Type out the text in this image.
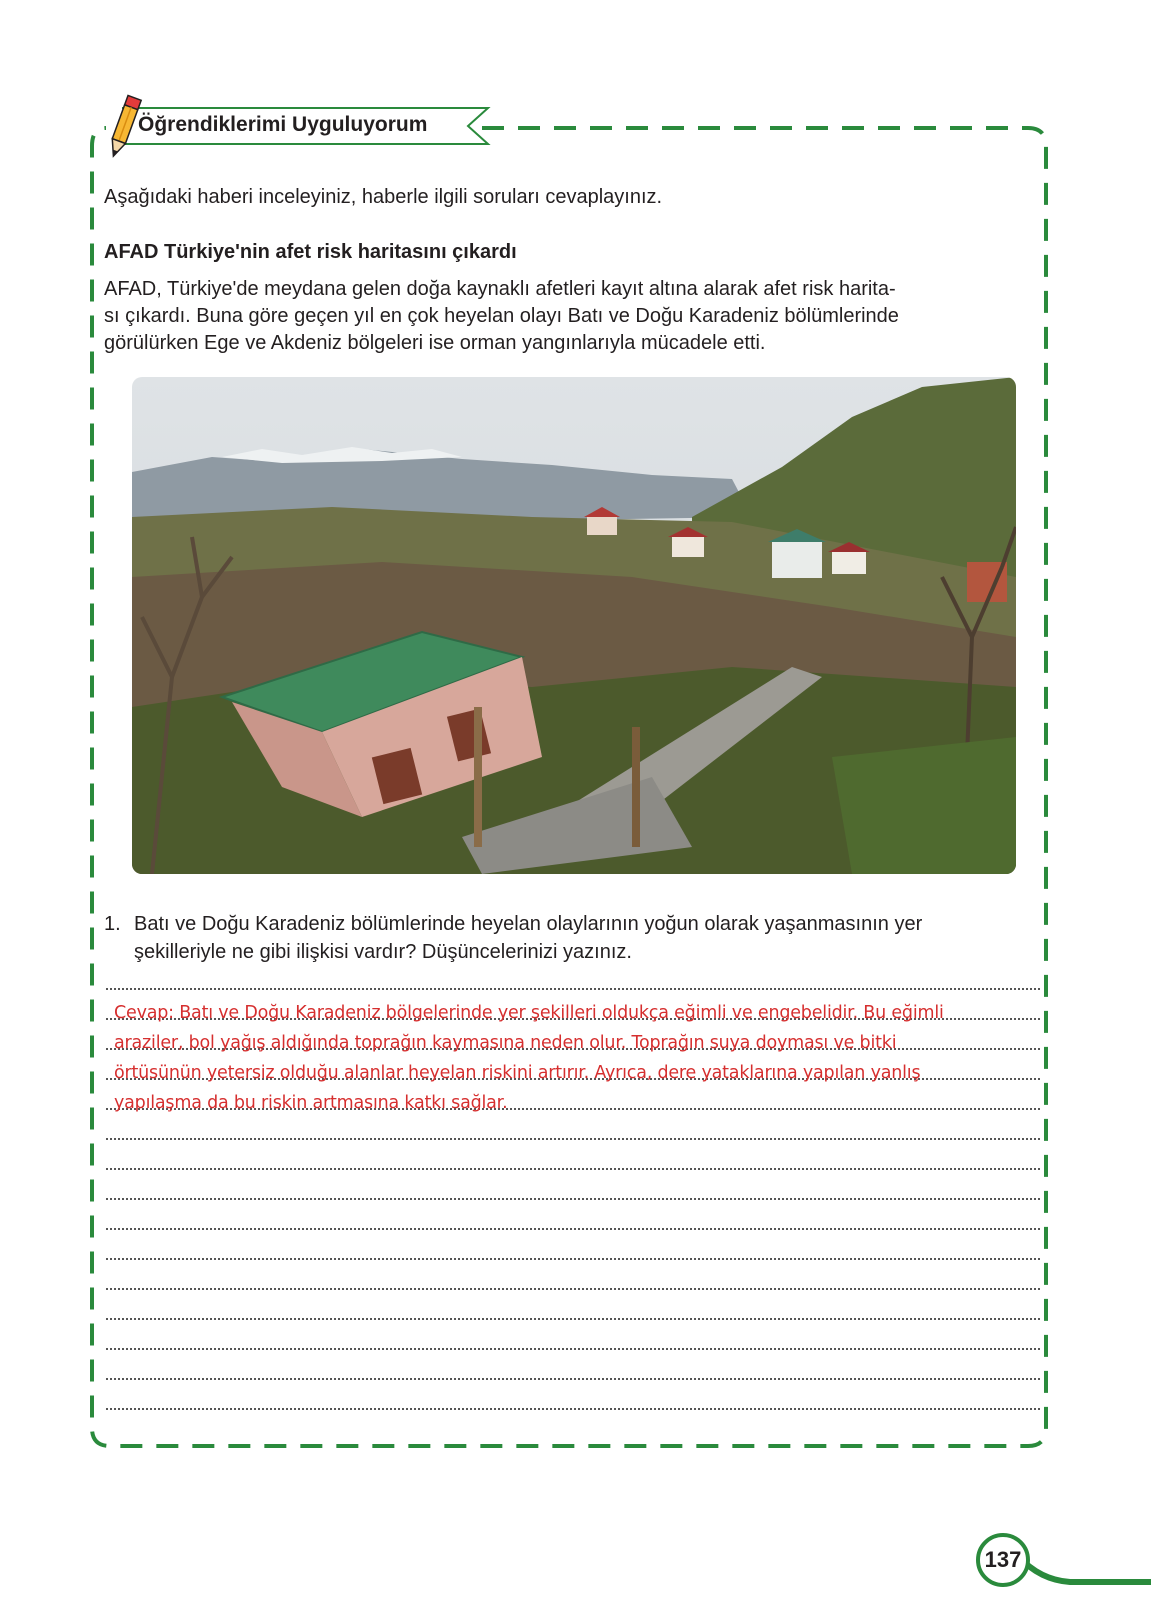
Öğrendiklerimi Uyguluyorum
Aşağıdaki haberi inceleyiniz, haberle ilgili soruları cevaplayınız.
AFAD Türkiye'nin afet risk haritasını çıkardı
AFAD, Türkiye'de meydana gelen doğa kaynaklı afetleri kayıt altına alarak afet risk harita-
sı çıkardı. Buna göre geçen yıl en çok heyelan olayı Batı ve Doğu Karadeniz bölümlerinde
görülürken Ege ve Akdeniz bölgeleri ise orman yangınlarıyla mücadele etti.
1. Batı ve Doğu Karadeniz bölümlerinde heyelan olaylarının yoğun olarak yaşanmasının yer
şekilleriyle ne gibi ilişkisi vardır? Düşüncelerinizi yazınız.
Cevap: Batı ve Doğu Karadeniz bölgelerinde yer şekilleri oldukça eğimli ve engebelidir. Bu eğimli
araziler, bol yağış aldığında toprağın kaymasına neden olur. Toprağın suya doyması ve bitki
örtüsünün yetersiz olduğu alanlar heyelan riskini artırır. Ayrıca, dere yataklarına yapılan yanlış
yapılaşma da bu riskin artmasına katkı sağlar.
137
